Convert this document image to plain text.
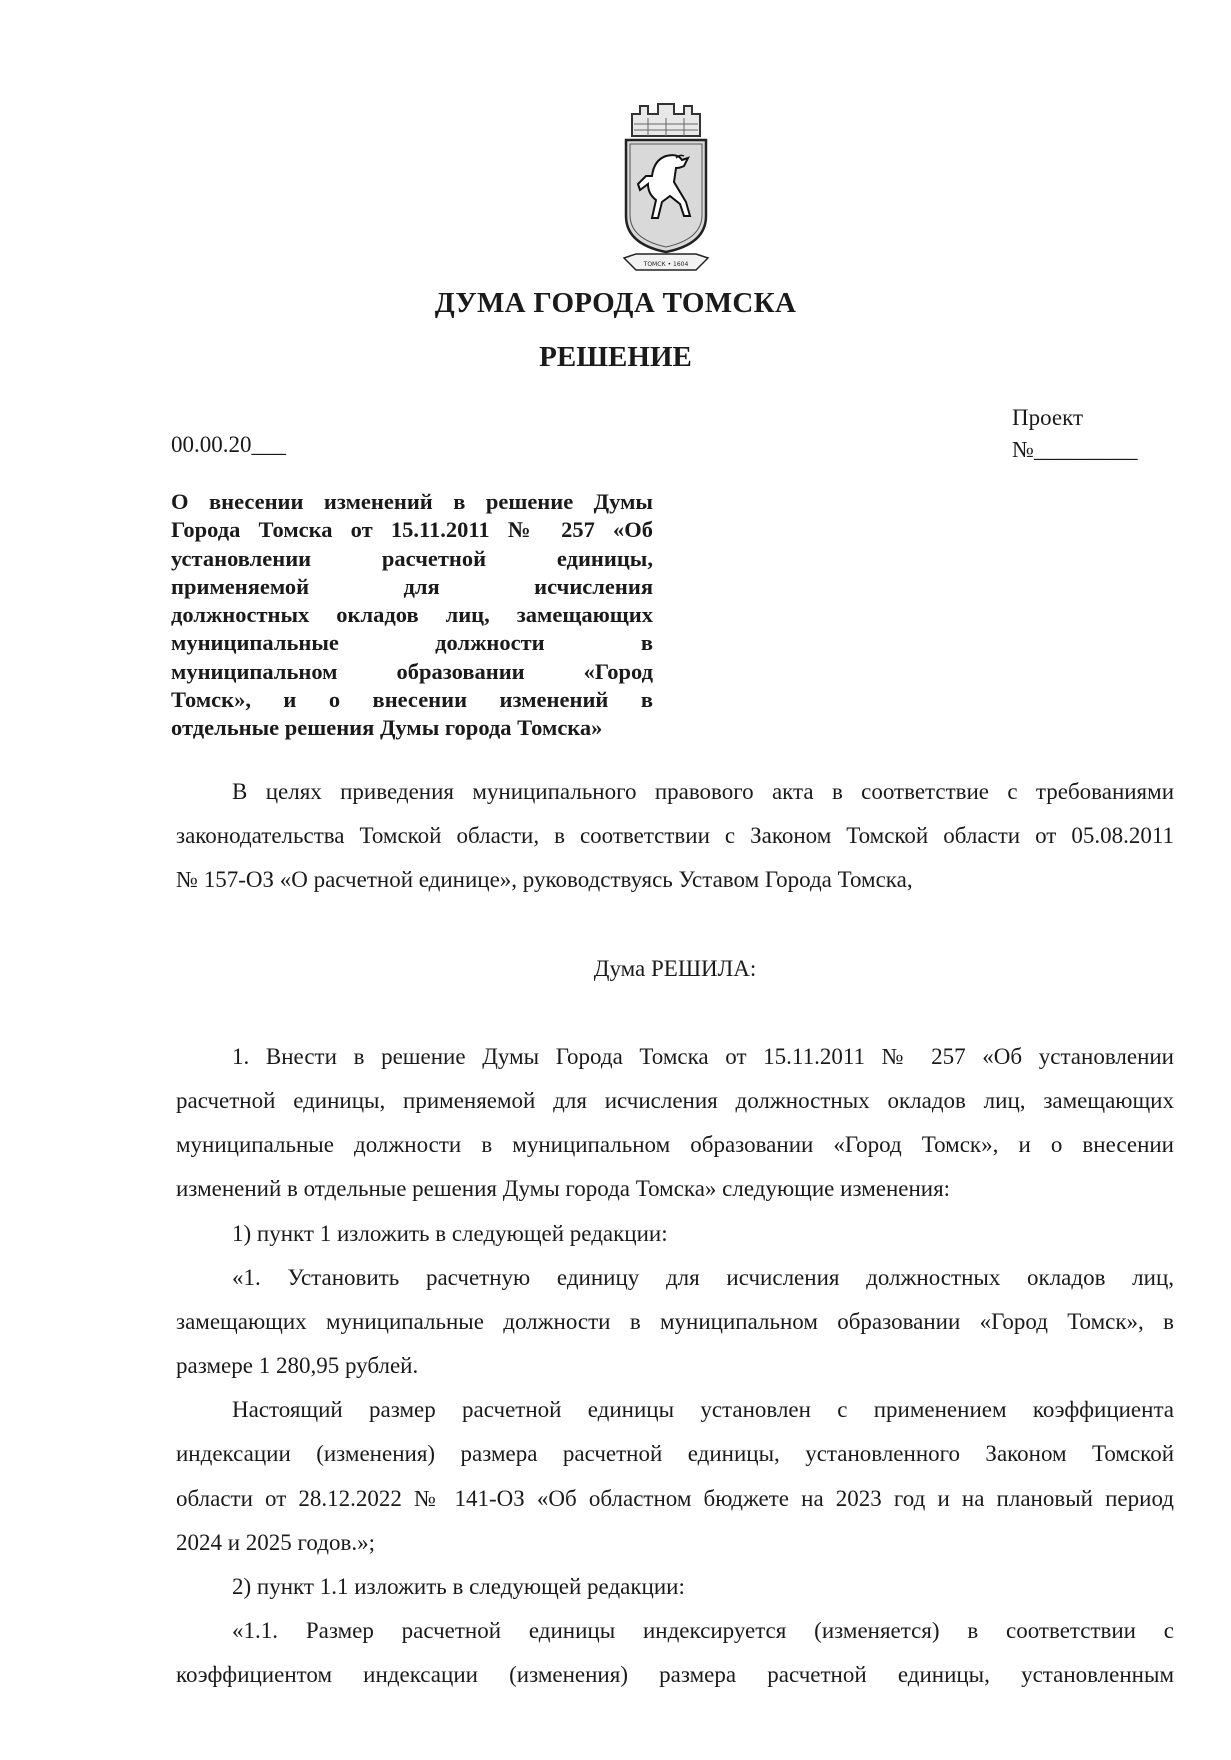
ТОМСК • 1604
ДУМА ГОРОДА ТОМСКА
РЕШЕНИЕ
00.00.20___
Проект
№_________
О внесении изменений в решение Думы
Города Томска от 15.11.2011 № 257 «Об
установлении расчетной единицы,
применяемой для исчисления
должностных окладов лиц, замещающих
муниципальные должности в
муниципальном образовании «Город
Томск», и о внесении изменений в
отдельные решения Думы города Томска»
В целях приведения муниципального правового акта в соответствие с требованиями
законодательства Томской области, в соответствии с Законом Томской области от 05.08.2011
№ 157-ОЗ «О расчетной единице», руководствуясь Уставом Города Томска,
Дума РЕШИЛА:
1. Внести в решение Думы Города Томска от 15.11.2011 № 257 «Об установлении
расчетной единицы, применяемой для исчисления должностных окладов лиц, замещающих
муниципальные должности в муниципальном образовании «Город Томск», и о внесении
изменений в отдельные решения Думы города Томска» следующие изменения:
1) пункт 1 изложить в следующей редакции:
«1. Установить расчетную единицу для исчисления должностных окладов лиц,
замещающих муниципальные должности в муниципальном образовании «Город Томск», в
размере 1 280,95 рублей.
Настоящий размер расчетной единицы установлен с применением коэффициента
индексации (изменения) размера расчетной единицы, установленного Законом Томской
области от 28.12.2022 № 141-ОЗ «Об областном бюджете на 2023 год и на плановый период
2024 и 2025 годов.»;
2) пункт 1.1 изложить в следующей редакции:
«1.1. Размер расчетной единицы индексируется (изменяется) в соответствии с
коэффициентом индексации (изменения) размера расчетной единицы, установленным
